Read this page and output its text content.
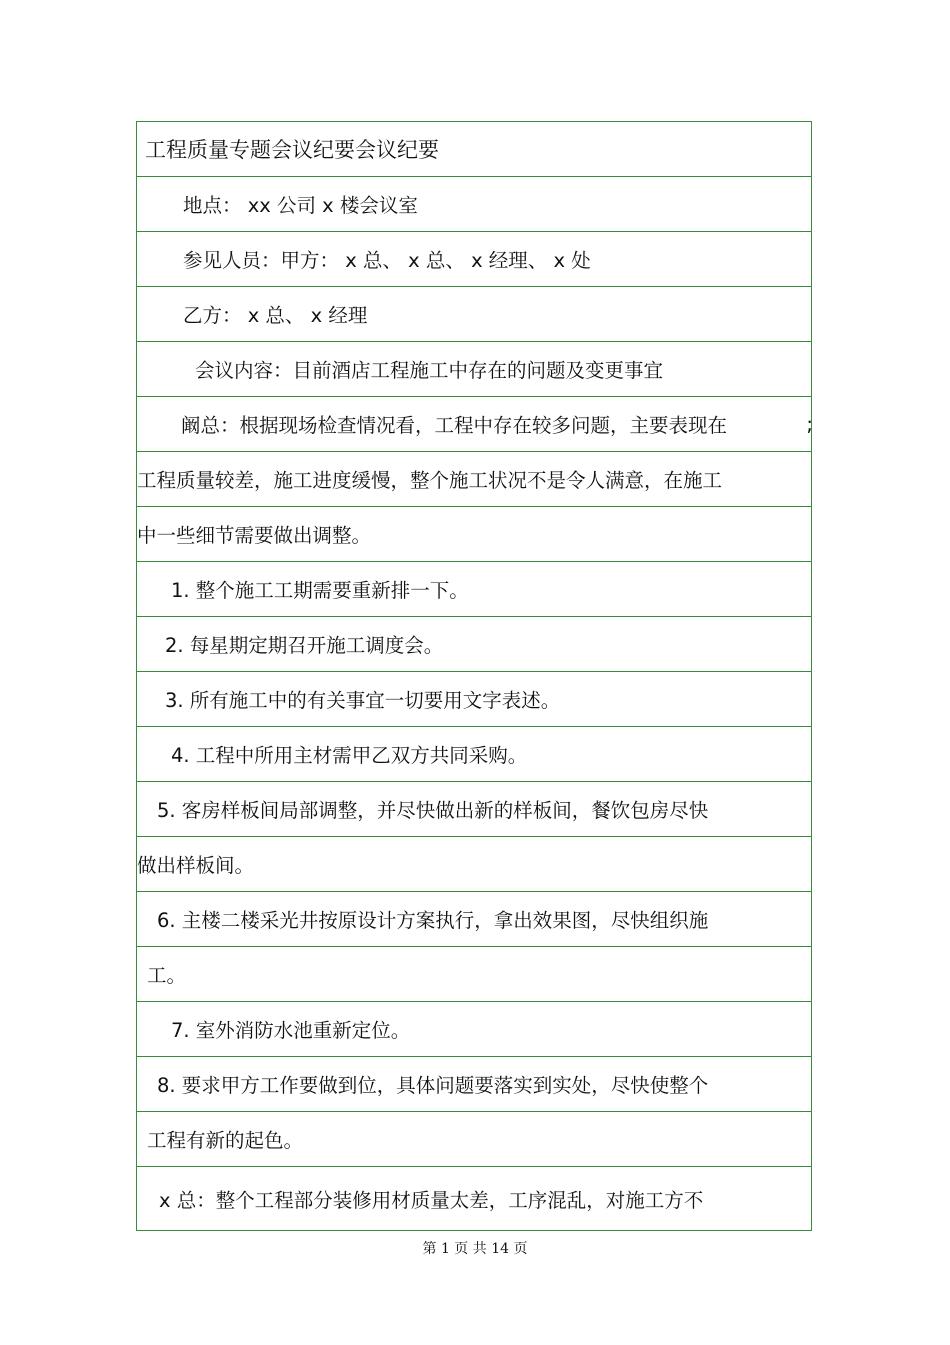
工程质量专题会议纪要会议纪要
地点： xx 公司 x 楼会议室
参见人员：甲方： x 总、 x 总、 x 经理、 x 处
乙方： x 总、 x 经理
会议内容：目前酒店工程施工中存在的问题及变更事宜
阚总：根据现场检查情况看，工程中存在较多问题，主要表现在	;
工程质量较差，施工进度缓慢，整个施工状况不是令人满意，在施工
中一些细节需要做出调整。
1. 整个施工工期需要重新排一下。
2. 每星期定期召开施工调度会。
3. 所有施工中的有关事宜一切要用文字表述。
4. 工程中所用主材需甲乙双方共同采购。
5. 客房样板间局部调整，并尽快做出新的样板间，餐饮包房尽快
做出样板间。
6. 主楼二楼采光井按原设计方案执行，拿出效果图，尽快组织施
工。
7. 室外消防水池重新定位。
8. 要求甲方工作要做到位，具体问题要落实到实处，尽快使整个
工程有新的起色。
x 总：整个工程部分装修用材质量太差，工序混乱，对施工方不
第 1 页 共 14 页
